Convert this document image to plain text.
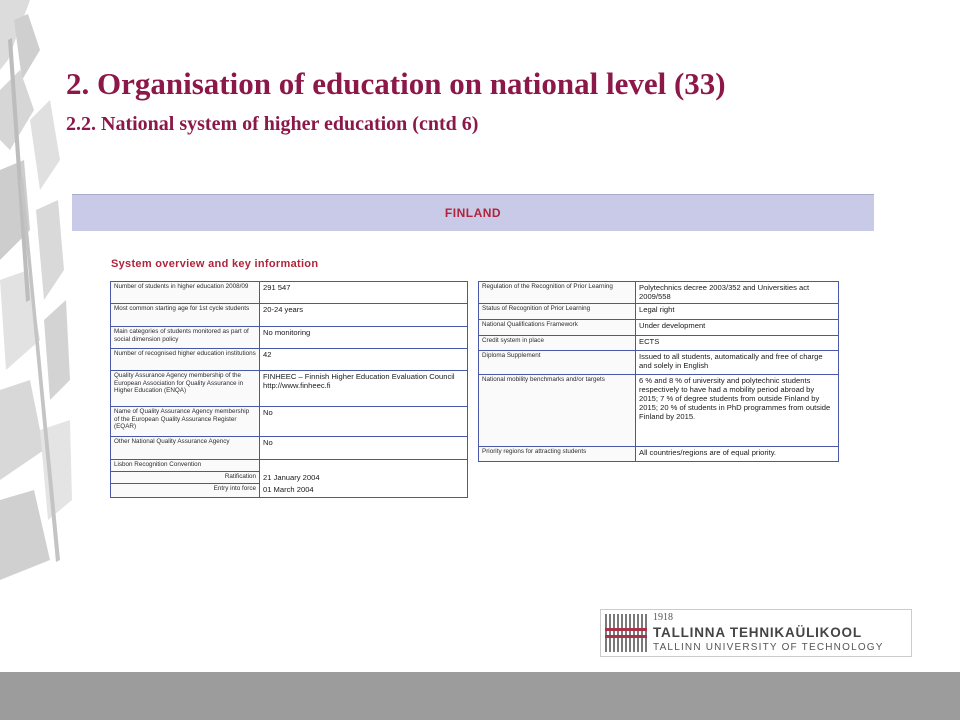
2. Organisation of education on national level (33)
2.2. National system of higher education (cntd 6)
FINLAND
System overview and key information
Number of students in higher education 2008/09	291 547
Most common starting age for 1st cycle students	20-24 years
Main categories of students monitored as part of social dimension policy	No monitoring
Number of recognised higher education institutions	42
Quality Assurance Agency membership of the European Association for Quality Assurance in Higher Education (ENQA)	FINHEEC – Finnish Higher Education Evaluation Council http://www.finheec.fi
Name of Quality Assurance Agency membership of the European Quality Assurance Register (EQAR)	No
Other National Quality Assurance Agency	No
Lisbon Recognition Convention	
Ratification	21 January 2004
Entry into force	01 March 2004
Regulation of the Recognition of Prior Learning	Polytechnics decree 2003/352 and Universities act 2009/558
Status of Recognition of Prior Learning	Legal right
National Qualifications Framework	Under development
Credit system in place	ECTS
Diploma Supplement	Issued to all students, automatically and free of charge and solely in English
National mobility benchmarks and/or targets	6 % and 8 % of university and polytechnic students respectively to have had a mobility period abroad by 2015; 7 % of degree students from outside Finland by 2015; 20 % of students in PhD programmes from outside Finland by 2015.
Priority regions for attracting students	All countries/regions are of equal priority.
1918
TALLINNA TEHNIKAÜLIKOOL
TALLINN UNIVERSITY OF TECHNOLOGY
